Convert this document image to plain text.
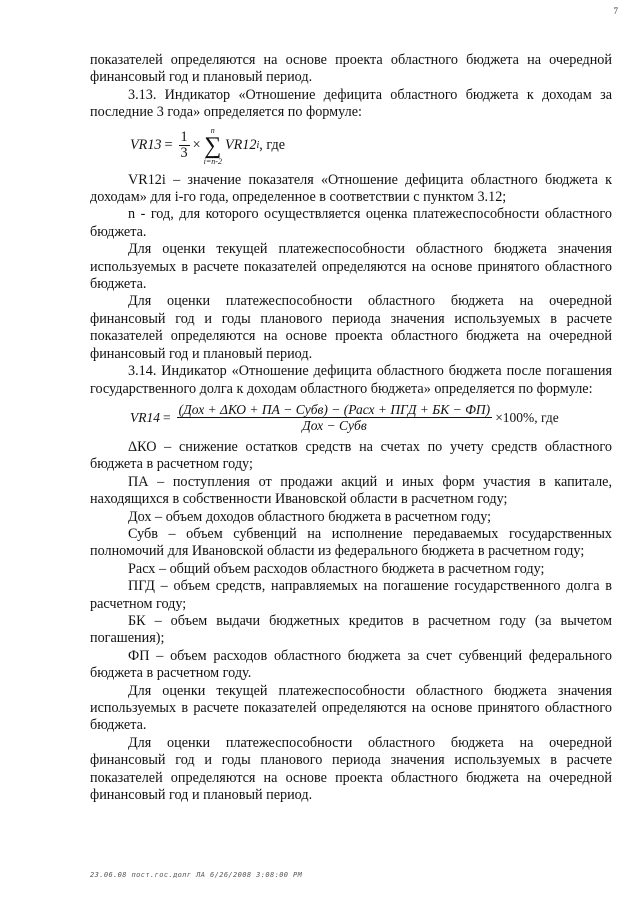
7

показателей определяются на основе проекта областного бюджета на очередной финансовый год и плановый период.

3.13. Индикатор «Отношение дефицита областного бюджета к доходам за последние 3 года» определяется по формуле:

$VR13 = \frac{1}{3}$ ×
n
∑
i=n-2
VR12 i , где

VR12i – значение показателя «Отношение дефицита областного бюджета к доходам» для i-го года, определенное в соответствии с пунктом 3.12;

n - год, для которого осуществляется оценка платежеспособности областного бюджета.

Для оценки текущей платежеспособности областного бюджета значения используемых в расчете показателей определяются на основе принятого областного бюджета.

Для оценки платежеспособности областного бюджета на очередной финансовый год и годы планового периода значения используемых в расчете показателей определяются на основе проекта областного бюджета на очередной финансовый год и плановый период.

3.14. Индикатор «Отношение дефицита областного бюджета после погашения государственного долга к доходам областного бюджета» определяется по формуле:

$VR14 = \frac{\text{(Дох + ΔКО + ПА − Субв) − (Расх + ПГД + БК − ФП)}}{\text{Дох − Субв}} \times 100\%$ , где

ΔКО – снижение остатков средств на счетах по учету средств областного бюджета в расчетном году;

ПА – поступления от продажи акций и иных форм участия в капитале, находящихся в собственности Ивановской области в расчетном году;

Дох – объем доходов областного бюджета в расчетном году;

Субв – объем субвенций на исполнение передаваемых государственных полномочий для Ивановской области из федерального бюджета в расчетном году;

Расх – общий объем расходов областного бюджета в расчетном году;

ПГД – объем средств, направляемых на погашение государственного долга в расчетном году;

БК – объем выдачи бюджетных кредитов в расчетном году (за вычетом погашения);

ФП – объем расходов областного бюджета за счет субвенций федерального бюджета в расчетном году.

Для оценки текущей платежеспособности областного бюджета значения используемых в расчете показателей определяются на основе принятого областного бюджета.

Для оценки платежеспособности областного бюджета на очередной финансовый год и годы планового периода значения используемых в расчете показателей определяются на основе проекта областного бюджета на очередной финансовый год и плановый период.

23.06.08 пост.гос.долг ЛА 6/26/2008 3:08:00 PM
